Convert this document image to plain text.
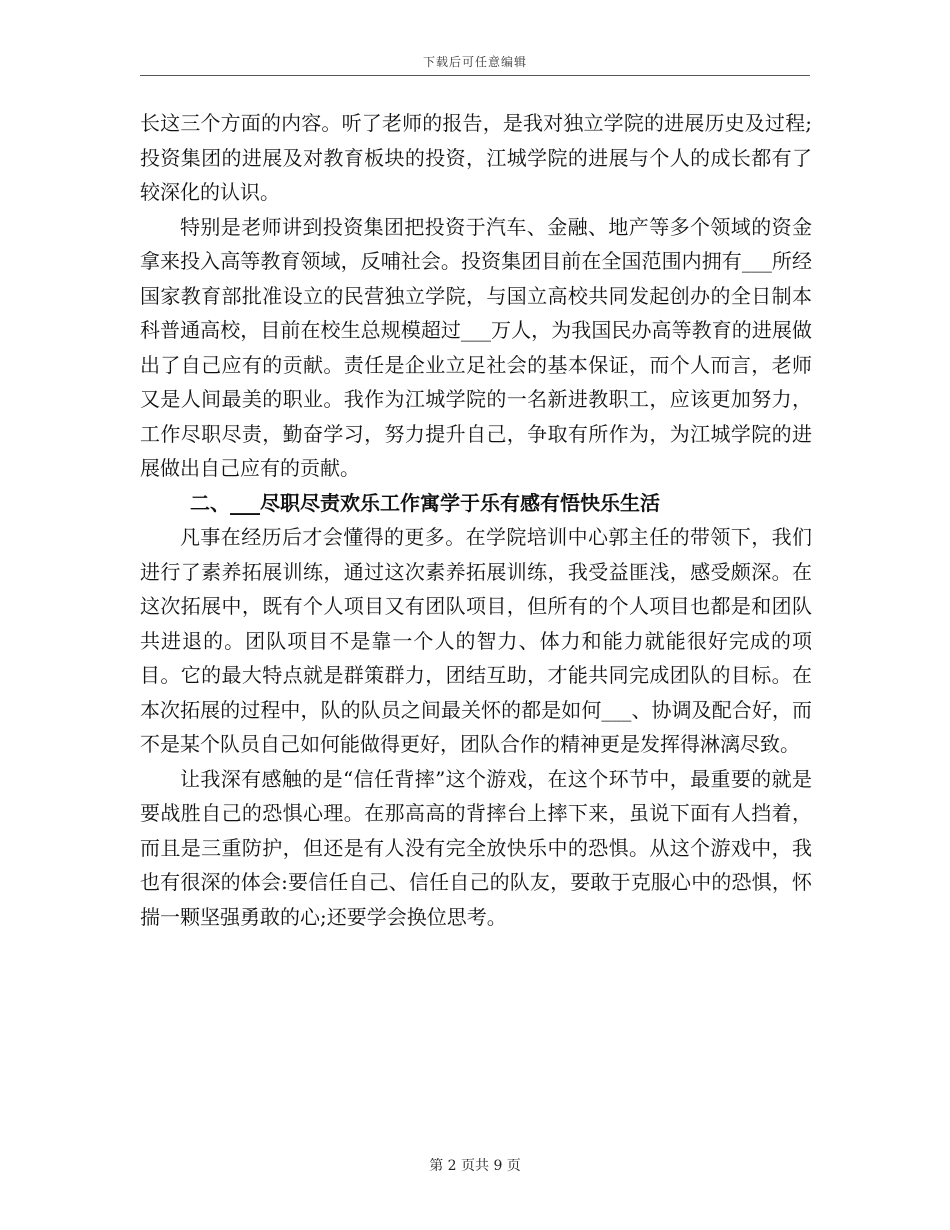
下载后可任意编辑

长这三个方面的内容。听了老师的报告，是我对独立学院的进展历史及过程;投资集团的进展及对教育板块的投资，江城学院的进展与个人的成长都有了较深化的认识。

特别是老师讲到投资集团把投资于汽车、金融、地产等多个领域的资金拿来投入高等教育领域，反哺社会。投资集团目前在全国范围内拥有___所经国家教育部批准设立的民营独立学院，与国立高校共同发起创办的全日制本科普通高校，目前在校生总规模超过___万人，为我国民办高等教育的进展做出了自己应有的贡献。责任是企业立足社会的基本保证，而个人而言，老师又是人间最美的职业。我作为江城学院的一名新进教职工，应该更加努力，工作尽职尽责，勤奋学习，努力提升自己，争取有所作为，为江城学院的进展做出自己应有的贡献。

二、___尽职尽责欢乐工作寓学于乐有感有悟快乐生活

凡事在经历后才会懂得的更多。在学院培训中心郭主任的带领下，我们进行了素养拓展训练，通过这次素养拓展训练，我受益匪浅，感受颇深。在这次拓展中，既有个人项目又有团队项目，但所有的个人项目也都是和团队共进退的。团队项目不是靠一个人的智力、体力和能力就能很好完成的项目。它的最大特点就是群策群力，团结互助，才能共同完成团队的目标。在本次拓展的过程中，队的队员之间最关怀的都是如何___、协调及配合好，而不是某个队员自己如何能做得更好，团队合作的精神更是发挥得淋漓尽致。

让我深有感触的是“信任背摔”这个游戏，在这个环节中，最重要的就是要战胜自己的恐惧心理。在那高高的背摔台上摔下来，虽说下面有人挡着，而且是三重防护，但还是有人没有完全放快乐中的恐惧。从这个游戏中，我也有很深的体会:要信任自己、信任自己的队友，要敢于克服心中的恐惧，怀揣一颗坚强勇敢的心;还要学会换位思考。

第 2 页共 9 页
